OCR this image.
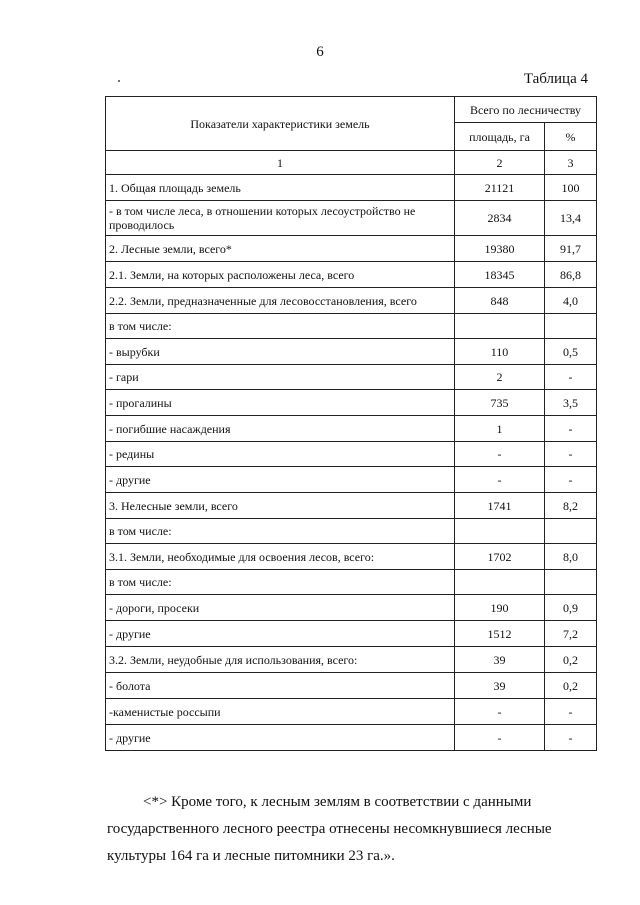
6
Таблица 4
Показатели характеристики земель	Всего по лесничеству	
	площадь, га	%
1	2	3
1. Общая площадь земель	21121	100
- в том числе леса, в отношении которых лесоустройство не проводилось	2834	13,4
2. Лесные земли, всего*	19380	91,7
2.1. Земли, на которых расположены леса, всего	18345	86,8
2.2. Земли, предназначенные для лесовосстановления, всего	848	4,0
в том числе:		
- вырубки	110	0,5
- гари	2	-
- прогалины	735	3,5
- погибшие насаждения	1	-
- редины	-	-
- другие	-	-
3. Нелесные земли, всего	1741	8,2
в том числе:		
3.1. Земли, необходимые для освоения лесов, всего:	1702	8,0
в том числе:		
- дороги, просеки	190	0,9
- другие	1512	7,2
3.2. Земли, неудобные для использования, всего:	39	0,2
- болота	39	0,2
-каменистые россыпи	-	-
- другие	-	-

<*> Кроме того, к лесным землям в соответствии с данными

государственного лесного реестра отнесены несомкнувшиеся лесные

культуры 164 га и лесные питомники 23 га.».
